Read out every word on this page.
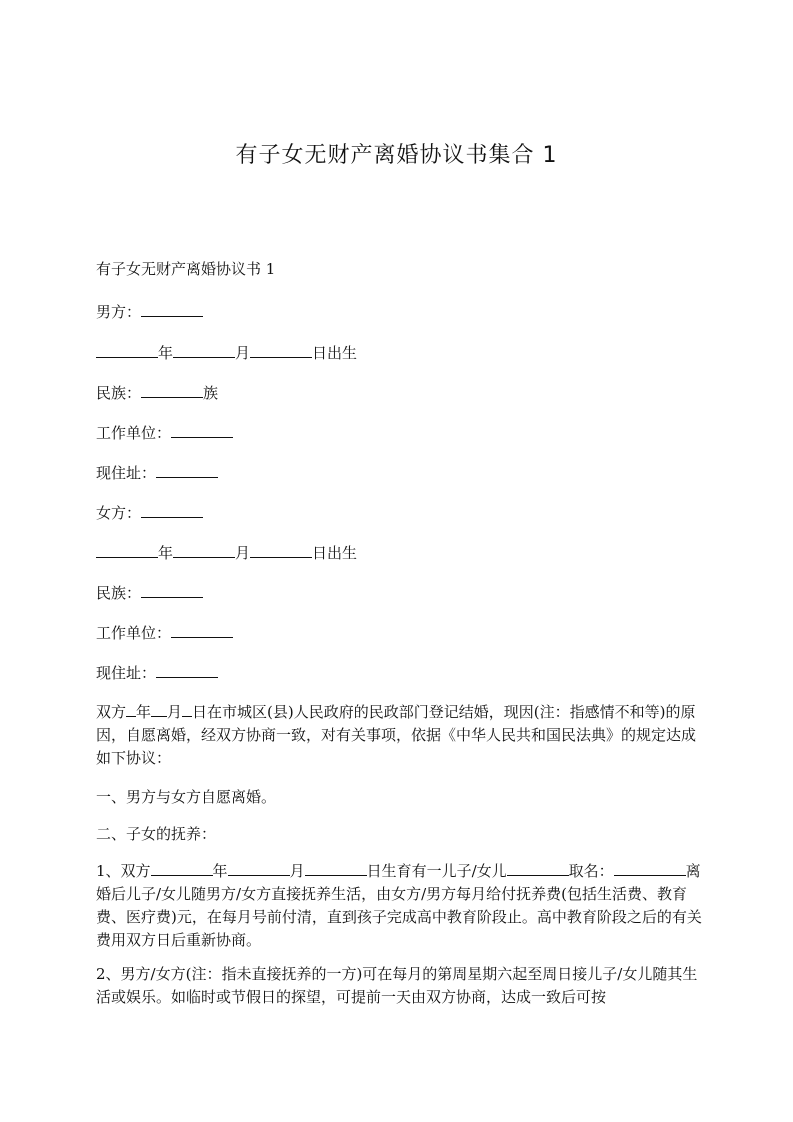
有子女无财产离婚协议书集合 1
有子女无财产离婚协议书 1
男方：
年	月	日出生
民族：	族
工作单位：
现住址：
女方：
年	月	日出生
民族：
工作单位：
现住址：
双方 年 月 日在市城区(县)人民政府的民政部门登记结婚，现因(注：指感情不和等)的原因，自愿离婚，经双方协商一致，对有关事项，依据《中华人民共和国民法典》的规定达成如下协议：
一、男方与女方自愿离婚。
二、子女的抚养：
1、双方	年	月	日生育有一儿子/女儿	取名：	离婚后儿子/女儿随男方/女方直接抚养生活，由女方/男方每月给付抚养费(包括生活费、教育费、医疗费)元，在每月号前付清，直到孩子完成高中教育阶段止。高中教育阶段之后的有关费用双方日后重新协商。
2、男方/女方(注：指未直接抚养的一方)可在每月的第周星期六起至周日接儿子/女儿随其生活或娱乐。如临时或节假日的探望，可提前一天由双方协商，达成一致后可按
